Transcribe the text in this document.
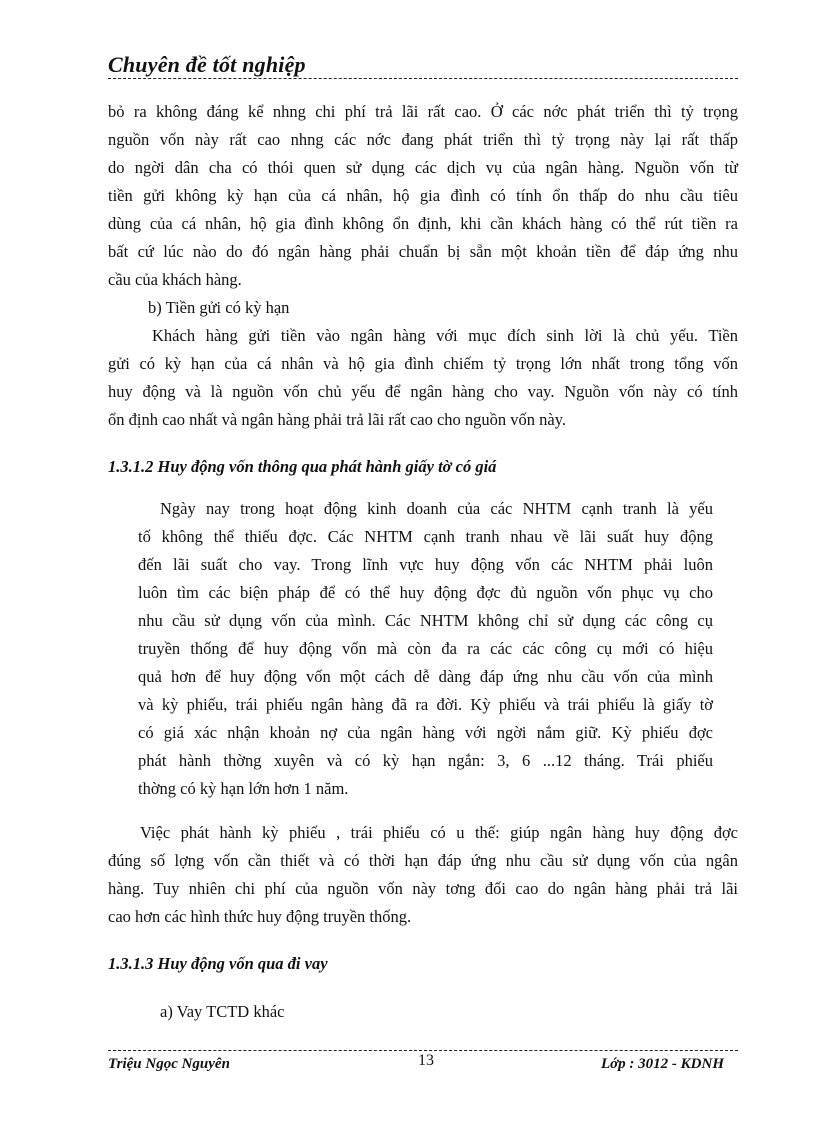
Chuyên đề tốt nghiệp
bỏ ra không đáng kể nhng chi phí trả lãi rất cao. Ở các nớc phát triển thì tỷ trọng
nguồn vốn này rất cao nhng các nớc đang phát triển thì tỷ trọng này lại rất thấp
do ngời dân cha có thói quen sử dụng các dịch vụ của ngân hàng. Nguồn vốn từ
tiền gửi không kỳ hạn của cá nhân, hộ gia đình có tính ổn thấp do nhu cầu tiêu
dùng của cá nhân, hộ gia đình không ổn định, khi cần khách hàng có thể rút tiền ra
bất cứ lúc nào do đó ngân hàng phải chuẩn bị sẵn một khoản tiền để đáp ứng nhu
cầu của khách hàng.
b) Tiền gửi có kỳ hạn
Khách hàng gửi tiền vào ngân hàng với mục đích sinh lời là chủ yếu. Tiền
gửi có kỳ hạn của cá nhân và hộ gia đình chiếm tỷ trọng lớn nhất trong tổng vốn
huy động và là nguồn vốn chủ yếu để ngân hàng cho vay. Nguồn vốn này có tính
ổn định cao nhất và ngân hàng phải trả lãi rất cao cho nguồn vốn này.
1.3.1.2 Huy động vốn thông qua phát hành giấy tờ có giá
Ngày nay trong hoạt động kinh doanh của các NHTM cạnh tranh là yếu
tố không thể thiếu đợc. Các NHTM cạnh tranh nhau về lãi suất huy động
đến lãi suất cho vay. Trong lĩnh vực huy động vốn các NHTM phải luôn
luôn tìm các biện pháp để có thể huy động đợc đủ nguồn vốn phục vụ cho
nhu cầu sử dụng vốn của mình. Các NHTM không chỉ sử dụng các công cụ
truyền thống để huy động vốn mà còn đa ra các các công cụ mới có hiệu
quả hơn để huy động vốn một cách dễ dàng đáp ứng nhu cầu vốn của mình
và kỳ phiếu, trái phiếu ngân hàng đã ra đời. Kỳ phiếu và trái phiếu là giấy tờ
có giá xác nhận khoản nợ của ngân hàng với ngời nắm giữ. Kỳ phiếu đợc
phát hành thờng xuyên và có kỳ hạn ngắn: 3, 6 ...12 tháng. Trái phiếu
thờng có kỳ hạn lớn hơn 1 năm.
Việc phát hành kỳ phiếu , trái phiếu có u thế: giúp ngân hàng huy động đợc
đúng số lợng vốn cần thiết và có thời hạn đáp ứng nhu cầu sử dụng vốn của ngân
hàng. Tuy nhiên chi phí của nguồn vốn này tơng đối cao do ngân hàng phải trả lãi
cao hơn các hình thức huy động truyền thống.
1.3.1.3 Huy động vốn qua đi vay
a) Vay TCTD khác
Triệu Ngọc Nguyên	13	Lớp : 3012 - KDNH
